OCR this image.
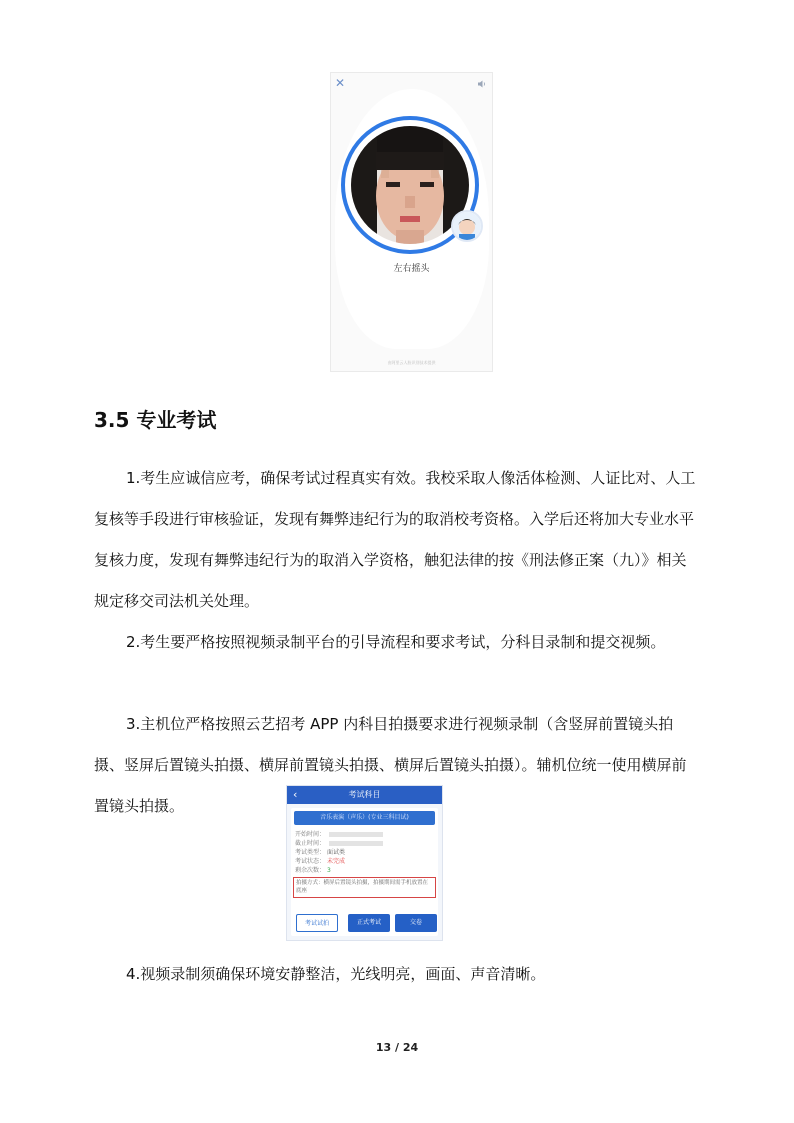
✕
左右摇头
由阿里云人脸识别技术提供
3.5 专业考试

1.考生应诚信应考，确保考试过程真实有效。我校采取人像活体检测、人证比对、人工复核等手段进行审核验证，发现有舞弊违纪行为的取消校考资格。入学后还将加大专业水平复核力度，发现有舞弊违纪行为的取消入学资格，触犯法律的按《刑法修正案（九）》相关规定移交司法机关处理。

2.考生要严格按照视频录制平台的引导流程和要求考试，分科目录制和提交视频。

3.主机位严格按照云艺招考 APP 内科目拍摄要求进行视频录制（含竖屏前置镜头拍摄、竖屏后置镜头拍摄、横屏前置镜头拍摄、横屏后置镜头拍摄）。辅机位统一使用横屏前置镜头拍摄。

‹	考试科目
音乐表演（声乐）(专业三科目试)
开始时间：
截止时间：
考试类型： 面试类
考试状态： 未完成
剩余次数： 3
拍摄方式：横屏后置镜头拍摄，拍摄期间需手机放置在底座
考试试拍	正式考试	交卷

4.视频录制须确保环境安静整洁，光线明亮，画面、声音清晰。

13 / 24
